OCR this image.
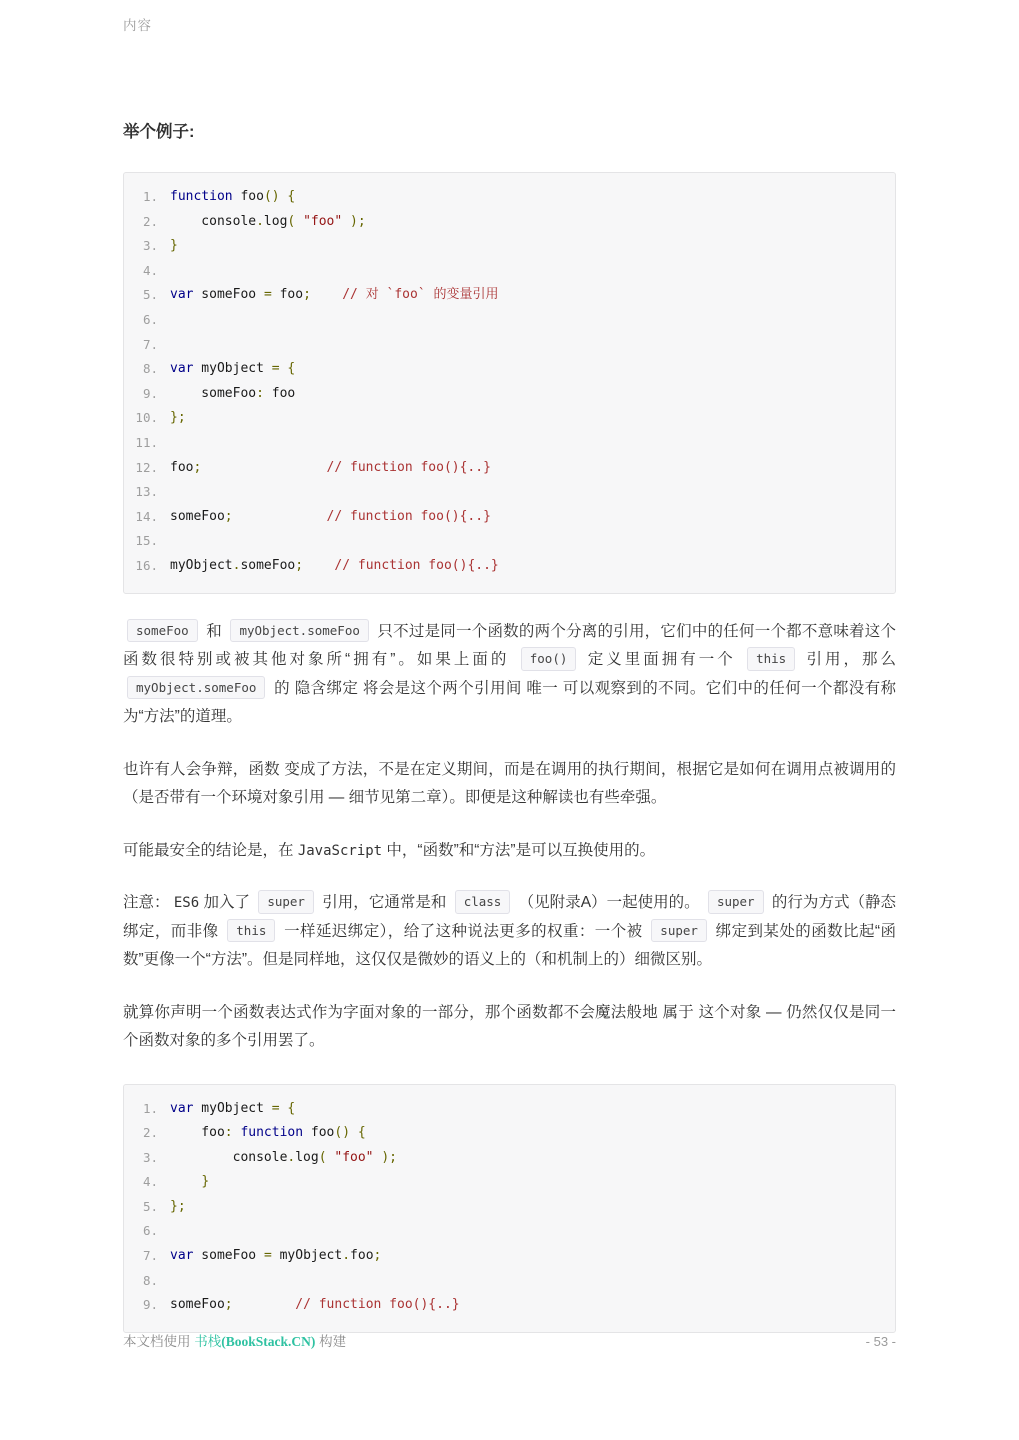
内容

举个例子:

1. function foo() {
2. console.log( "foo" );
3. }
4.
5. var someFoo = foo; // 对 `foo` 的变量引用
6.
7.
8. var myObject = {
9. someFoo: foo
10. };
11.
12. foo;	// function foo(){..}
13.
14. someFoo;	// function foo(){..}
15.
16. myObject.someFoo; // function foo(){..}

someFoo 和 myObject.someFoo 只不过是同一个函数的两个分离的引用，它们中的任何一个都不意味着这个函数很特别或被其他对象所“拥有”。如果上面的 foo() 定义里面拥有一个 this 引用，那么 myObject.someFoo 的 隐含绑定 将会是这个两个引用间 唯一 可以观察到的不同。它们中的任何一个都没有称为“方法”的道理。

也许有人会争辩，函数 变成了方法，不是在定义期间，而是在调用的执行期间，根据它是如何在调用点被调用的（是否带有一个环境对象引用 — 细节见第二章）。即便是这种解读也有些牵强。

可能最安全的结论是，在 JavaScript 中，“函数”和“方法”是可以互换使用的。

注意： ES6 加入了 super 引用，它通常是和 class （见附录A）一起使用的。 super 的行为方式（静态绑定，而非像 this 一样延迟绑定），给了这种说法更多的权重：一个被 super 绑定到某处的函数比起“函数”更像一个“方法”。但是同样地，这仅仅是微妙的语义上的（和机制上的）细微区别。

就算你声明一个函数表达式作为字面对象的一部分，那个函数都不会魔法般地 属于 这个对象 — 仍然仅仅是同一个函数对象的多个引用罢了。

1. var myObject = {
2. foo: function foo() {
3. console.log( "foo" );
4.	}
5. };
6.
7. var someFoo = myObject.foo;
8.
9. someFoo;	// function foo(){..}
本文档使用 书栈(BookStack.CN) 构建	- 53 -
